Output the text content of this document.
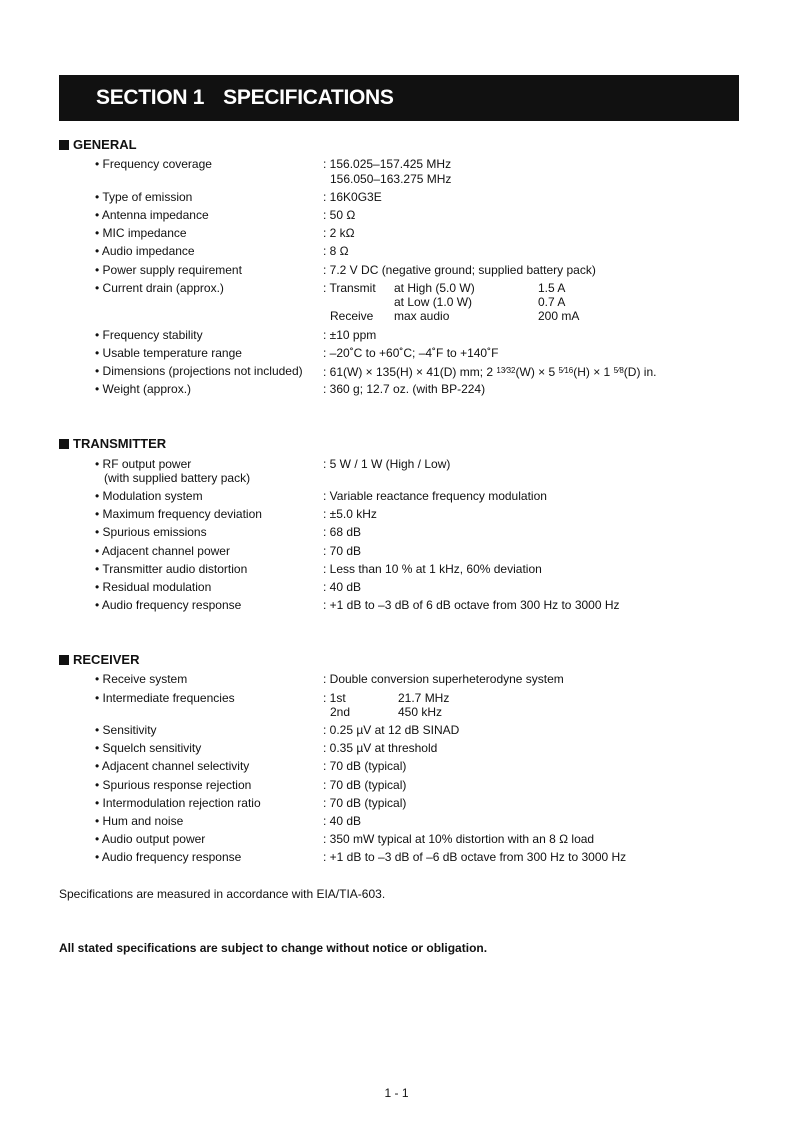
SECTION 1 SPECIFICATIONS
GENERAL
• Frequency coverage	: 156.025–157.425 MHz
156.050–163.275 MHz
• Type of emission	: 16K0G3E
• Antenna impedance	: 50 Ω
• MIC impedance	: 2 kΩ
• Audio impedance	: 8 Ω
• Power supply requirement	: 7.2 V DC (negative ground; supplied battery pack)
• Current drain (approx.)	: Transmit at High (5.0 W)	1.5 A
at Low (1.0 W)	0.7 A
Receive max audio	200 mA
• Frequency stability	: ±10 ppm
• Usable temperature range	: –20˚C to +60˚C; –4˚F to +140˚F
• Dimensions (projections not included) : 61(W) × 135(H) × 41(D) mm; 2 $^{13⁄32}$(W) × 5 $^{5⁄16}$(H) × 1 $^{5⁄8}$(D) in.
• Weight (approx.)	: 360 g; 12.7 oz. (with BP-224)
TRANSMITTER
• RF output power	: 5 W / 1 W (High / Low)
(with supplied battery pack)
• Modulation system	: Variable reactance frequency modulation
• Maximum frequency deviation	: ±5.0 kHz
• Spurious emissions	: 68 dB
• Adjacent channel power	: 70 dB
• Transmitter audio distortion	: Less than 10 % at 1 kHz, 60% deviation
• Residual modulation	: 40 dB
• Audio frequency response	: +1 dB to –3 dB of 6 dB octave from 300 Hz to 3000 Hz
RECEIVER
• Receive system	: Double conversion superheterodyne system
• Intermediate frequencies	: 1st	21.7 MHz
2nd	450 kHz
• Sensitivity	: 0.25 µV at 12 dB SINAD
• Squelch sensitivity	: 0.35 µV at threshold
• Adjacent channel selectivity	: 70 dB (typical)
• Spurious response rejection	: 70 dB (typical)
• Intermodulation rejection ratio	: 70 dB (typical)
• Hum and noise	: 40 dB
• Audio output power	: 350 mW typical at 10% distortion with an 8 Ω load
• Audio frequency response	: +1 dB to –3 dB of –6 dB octave from 300 Hz to 3000 Hz
Specifications are measured in accordance with EIA/TIA-603.
All stated specifications are subject to change without notice or obligation.
1 - 1
